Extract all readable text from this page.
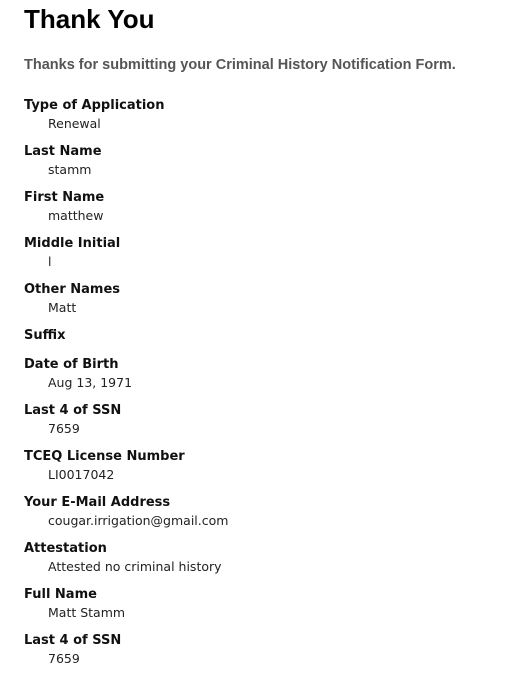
Thank You

Thanks for submitting your Criminal History Notification Form.

Type of Application
Renewal
Last Name
stamm
First Name
matthew
Middle Initial
l
Other Names
Matt
Suffix
Date of Birth
Aug 13, 1971
Last 4 of SSN
7659
TCEQ License Number
LI0017042
Your E-Mail Address
cougar.irrigation@gmail.com
Attestation
Attested no criminal history
Full Name
Matt Stamm
Last 4 of SSN
7659
